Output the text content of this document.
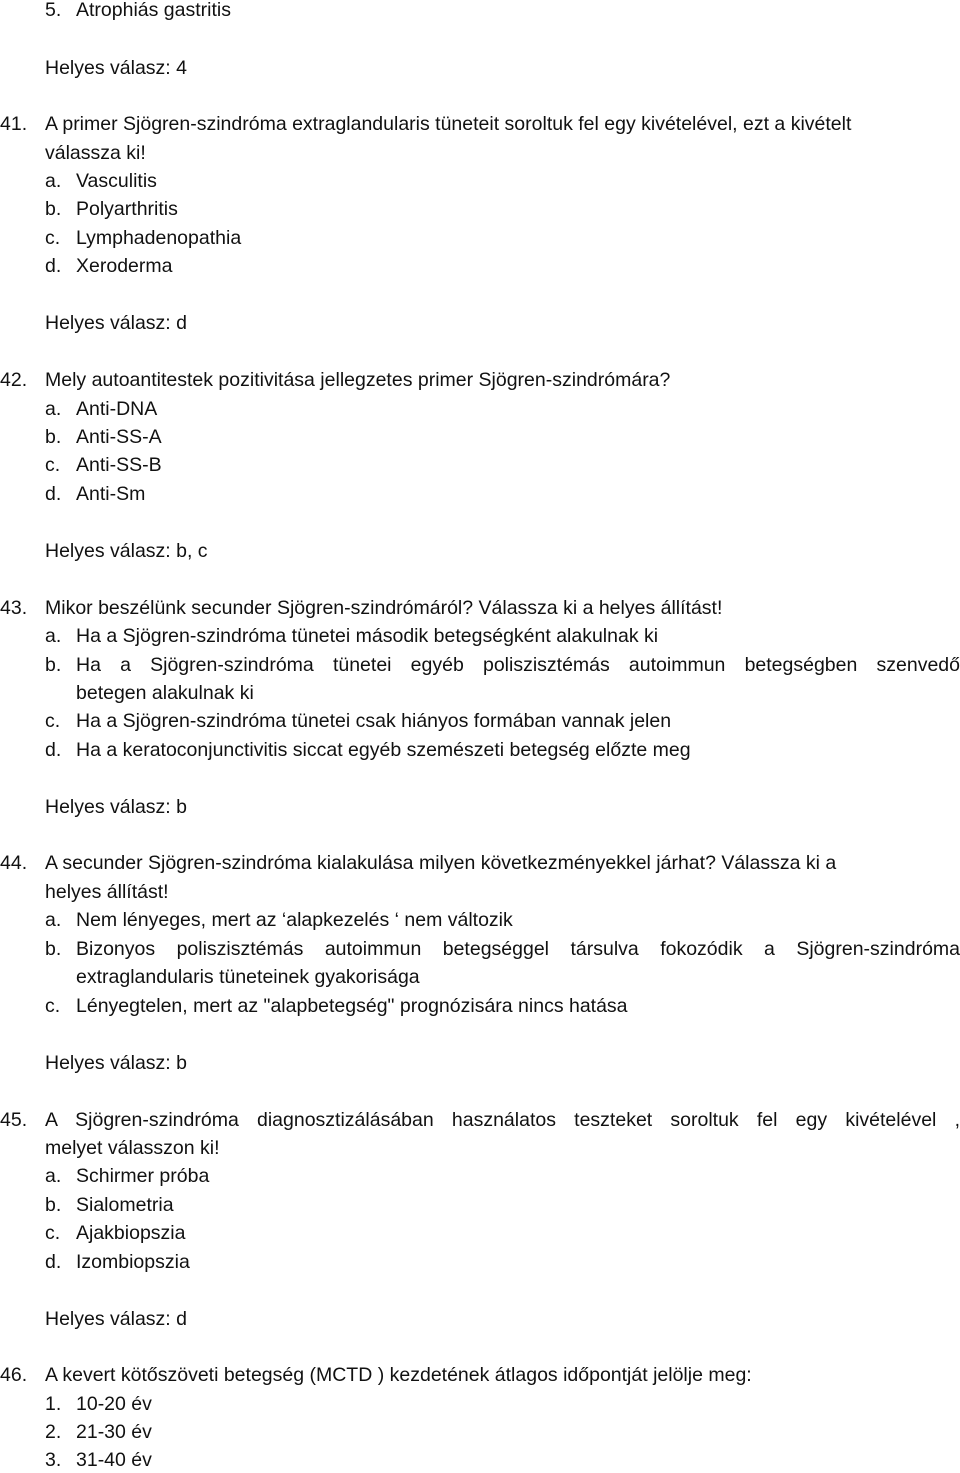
5. Atrophiás gastritis
Helyes válasz: 4
41. A primer Sjögren-szindróma extraglandularis tüneteit soroltuk fel egy kivételével, ezt a kivételt
válassza ki!
a. Vasculitis
b. Polyarthritis
c. Lymphadenopathia
d. Xeroderma
Helyes válasz: d
42. Mely autoantitestek pozitivitása jellegzetes primer Sjögren-szindrómára?
a. Anti-DNA
b. Anti-SS-A
c. Anti-SS-B
d. Anti-Sm
Helyes válasz: b, c
43. Mikor beszélünk secunder Sjögren-szindrómáról? Válassza ki a helyes állítást!
a. Ha a Sjögren-szindróma tünetei második betegségként alakulnak ki
b. Ha a Sjögren-szindróma tünetei egyéb poliszisztémás autoimmun betegségben szenvedő
betegen alakulnak ki
c. Ha a Sjögren-szindróma tünetei csak hiányos formában vannak jelen
d. Ha a keratoconjunctivitis siccat egyéb szemészeti betegség előzte meg
Helyes válasz: b
44. A secunder Sjögren-szindróma kialakulása milyen következményekkel járhat? Válassza ki a
helyes állítást!
a. Nem lényeges, mert az ‘alapkezelés ‘ nem változik
b. Bizonyos poliszisztémás autoimmun betegséggel társulva fokozódik a Sjögren-szindróma
extraglandularis tüneteinek gyakorisága
c. Lényegtelen, mert az "alapbetegség" prognózisára nincs hatása
Helyes válasz: b
45. A Sjögren-szindróma diagnosztizálásában használatos teszteket soroltuk fel egy kivételével ,
melyet válasszon ki!
a. Schirmer próba
b. Sialometria
c. Ajakbiopszia
d. Izombiopszia
Helyes válasz: d
46. A kevert kötőszöveti betegség (MCTD ) kezdetének átlagos időpontját jelölje meg:
1. 10-20 év
2. 21-30 év
3. 31-40 év
